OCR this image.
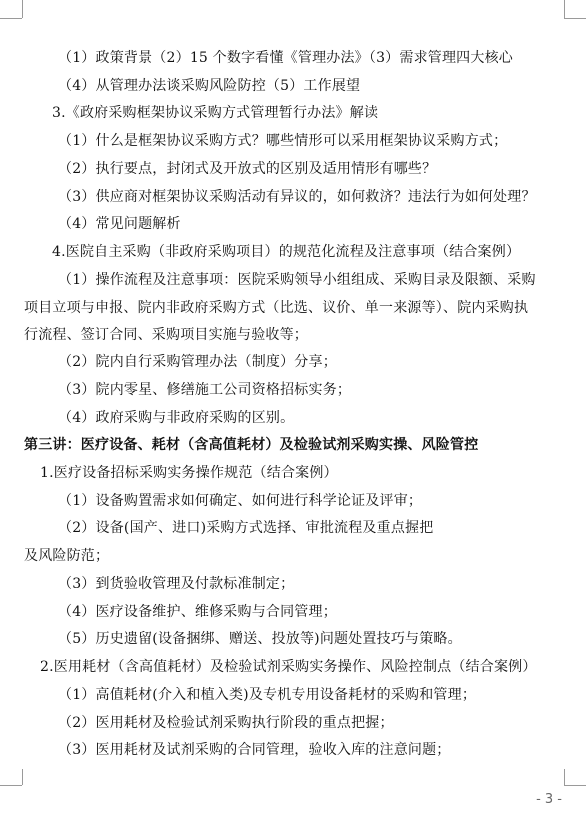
（1）政策背景（2）15 个数字看懂《管理办法》（3）需求管理四大核心
（4）从管理办法谈采购风险防控（5）工作展望
3.《政府采购框架协议采购方式管理暂行办法》解读
（1）什么是框架协议采购方式？哪些情形可以采用框架协议采购方式；
（2）执行要点，封闭式及开放式的区别及适用情形有哪些？
（3）供应商对框架协议采购活动有异议的，如何救济？违法行为如何处理？
（4）常见问题解析
4.医院自主采购（非政府采购项目）的规范化流程及注意事项（结合案例）
（1）操作流程及注意事项：医院采购领导小组组成、采购目录及限额、采购
项目立项与申报、院内非政府采购方式（比选、议价、单一来源等）、院内采购执
行流程、签订合同、采购项目实施与验收等；
（2）院内自行采购管理办法（制度）分享；
（3）院内零星、修缮施工公司资格招标实务；
（4）政府采购与非政府采购的区别。
第三讲：医疗设备、耗材（含高值耗材）及检验试剂采购实操、风险管控
1.医疗设备招标采购实务操作规范（结合案例）
（1）设备购置需求如何确定、如何进行科学论证及评审；
（2）设备(国产、进口)采购方式选择、审批流程及重点握把
及风险防范；
（3）到货验收管理及付款标准制定；
（4）医疗设备维护、维修采购与合同管理；
（5）历史遗留(设备捆绑、赠送、投放等)问题处置技巧与策略。
2.医用耗材（含高值耗材）及检验试剂采购实务操作、风险控制点（结合案例）
（1）高值耗材(介入和植入类)及专机专用设备耗材的采购和管理；
（2）医用耗材及检验试剂采购执行阶段的重点把握；
（3）医用耗材及试剂采购的合同管理，验收入库的注意问题；
- 3 -
